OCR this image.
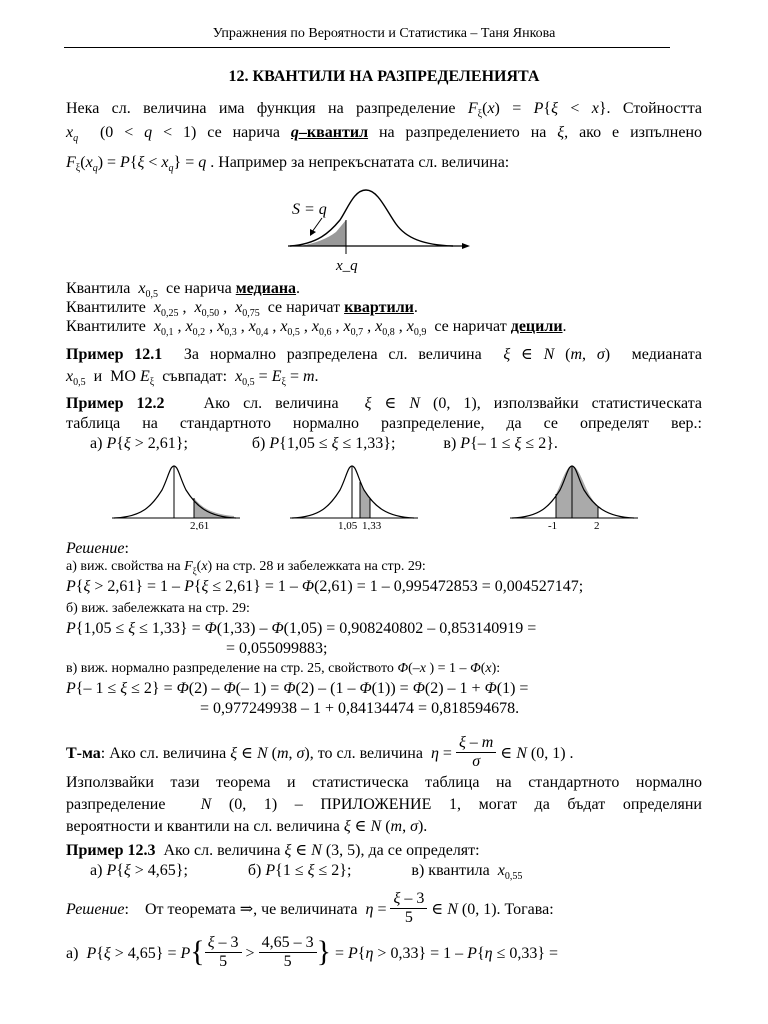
Упражнения по Вероятности и Статистика – Таня Янкова
12. КВАНТИЛИ НА РАЗПРЕДЕЛЕНИЯТА
Нека сл. величина има функция на разпределение $F_\xi(x) = P\{\xi < x\}$. Стойността
$x_q$  (0 < q < 1) се нарича q–квантил на разпределението на ξ, ако е изпълнено
$F_\xi(x_q) = P\{\xi < x_q\} = q$ . Например за непрекъснатата сл. величина:
S = q
x_q
Квантила  $x_{0,5}$  се нарича медиана.
Квантилите  $x_{0,25}$ ,  $x_{0,50}$ ,  $x_{0,75}$  се наричат квартили.
Квантилите  $x_{0,1}$ , $x_{0,2}$ , $x_{0,3}$ , $x_{0,4}$ , $x_{0,5}$ , $x_{0,6}$ , $x_{0,7}$ , $x_{0,8}$ , $x_{0,9}$  се наричат децили.
Пример 12.1  За нормално разпределена сл. величина  ξ ∈ N (m, σ)  медианата
$x_{0,5}$  и  МО $E_\xi$  съвпадат:  $x_{0,5} = E_\xi = m$.
Пример 12.2   Ако сл. величина  ξ ∈ N (0, 1), използвайки статистическата
таблица на стандартното нормално разпределение, да се определят вер.:
а) P{ξ > 2,61};                б) P{1,05 ≤ ξ ≤ 1,33};            в) P{– 1 ≤ ξ ≤ 2}.
2,61	1,05 1,33	-1	2
Решение:
а) виж. свойства на $F_\xi(x)$ на стр. 28 и забележката на стр. 29:
P{ξ > 2,61} = 1 – P{ξ ≤ 2,61} = 1 – Φ(2,61) = 1 – 0,995472853 = 0,004527147;
б) виж. забележката на стр. 29:
P{1,05 ≤ ξ ≤ 1,33} = Φ(1,33) – Φ(1,05) = 0,908240802 – 0,853140919 =
= 0,055099883;
в) виж. нормално разпределение на стр. 25, свойството Φ(–x ) = 1 – Φ(x):
P{– 1 ≤ ξ ≤ 2} = Φ(2) – Φ(– 1) = Φ(2) – (1 – Φ(1)) = Φ(2) – 1 + Φ(1) =
= 0,977249938 – 1 + 0,84134474 = 0,818594678.
Т-ма: Ако сл. величина ξ ∈ N (m, σ), то сл. величина  $\eta = \frac{\xi - m}{\sigma}$ ∈ N (0, 1) .
Използвайки тази теорема и статистическа таблица на стандартното нормално
разпределение  N (0, 1) – ПРИЛОЖЕНИЕ 1, могат да бъдат определяни
вероятности и квантили на сл. величина ξ ∈ N (m, σ).
Пример 12.3  Ако сл. величина ξ ∈ N (3, 5), да се определят:
а) P{ξ > 4,65};               б) P{1 ≤ ξ ≤ 2};               в) квантила  $x_{0,55}$
Решение:    От теоремата ⇒, че величината  $\eta = \frac{\xi - 3}{5}$ ∈ N (0, 1). Тогава:
а)  $P\{\xi > 4,65\} = P\{ \frac{\xi - 3}{5} > \frac{4,65 - 3}{5}$ } = P{η > 0,33} = 1 – P{η ≤ 0,33} =
